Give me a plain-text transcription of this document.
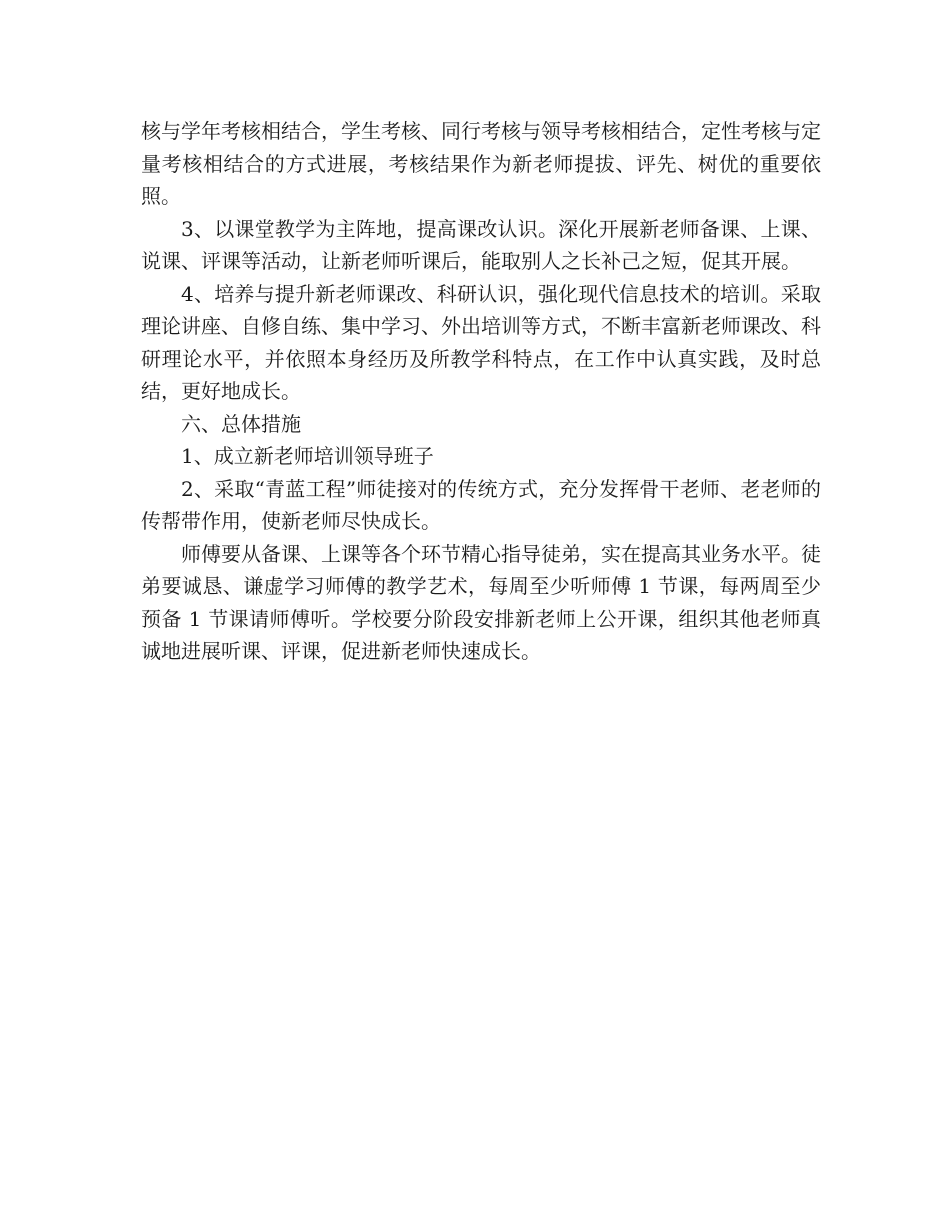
核与学年考核相结合，学生考核、同行考核与领导考核相结合，定性考核与定量考核相结合的方式进展，考核结果作为新老师提拔、评先、树优的重要依照。

3、以课堂教学为主阵地，提高课改认识。深化开展新老师备课、上课、说课、评课等活动，让新老师听课后，能取别人之长补己之短，促其开展。

4、培养与提升新老师课改、科研认识，强化现代信息技术的培训。采取理论讲座、自修自练、集中学习、外出培训等方式，不断丰富新老师课改、科研理论水平，并依照本身经历及所教学科特点，在工作中认真实践，及时总结，更好地成长。

六、总体措施

1、成立新老师培训领导班子

2、采取“青蓝工程”师徒接对的传统方式，充分发挥骨干老师、老老师的传帮带作用，使新老师尽快成长。

师傅要从备课、上课等各个环节精心指导徒弟，实在提高其业务水平。徒弟要诚恳、谦虚学习师傅的教学艺术，每周至少听师傅 1 节课，每两周至少预备 1 节课请师傅听。学校要分阶段安排新老师上公开课，组织其他老师真诚地进展听课、评课，促进新老师快速成长。
